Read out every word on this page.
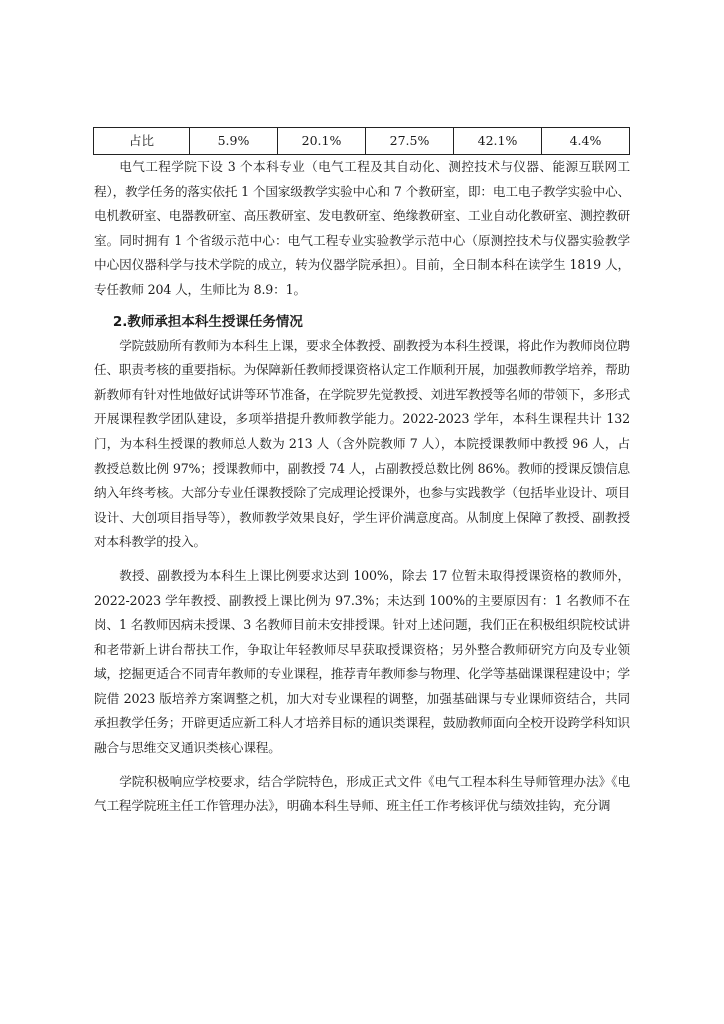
占比	5.9%	20.1%	27.5%	42.1%	4.4%

电气工程学院下设 3 个本科专业（电气工程及其自动化、测控技术与仪器、能源互联网工程），教学任务的落实依托 1 个国家级教学实验中心和 7 个教研室，即：电工电子教学实验中心、电机教研室、电器教研室、高压教研室、发电教研室、绝缘教研室、工业自动化教研室、测控教研室。同时拥有 1 个省级示范中心：电气工程专业实验教学示范中心（原测控技术与仪器实验教学中心因仪器科学与技术学院的成立，转为仪器学院承担）。目前，全日制本科在读学生 1819 人，专任教师 204 人，生师比为 8.9：1。

2.教师承担本科生授课任务情况

学院鼓励所有教师为本科生上课，要求全体教授、副教授为本科生授课，将此作为教师岗位聘任、职责考核的重要指标。为保障新任教师授课资格认定工作顺利开展，加强教师教学培养，帮助新教师有针对性地做好试讲等环节准备，在学院罗先觉教授、刘进军教授等名师的带领下，多形式开展课程教学团队建设，多项举措提升教师教学能力。2022-2023 学年，本科生课程共计 132 门，为本科生授课的教师总人数为 213 人（含外院教师 7 人），本院授课教师中教授 96 人，占教授总数比例 97%；授课教师中，副教授 74 人，占副教授总数比例 86%。教师的授课反馈信息纳入年终考核。大部分专业任课教授除了完成理论授课外，也参与实践教学（包括毕业设计、项目设计、大创项目指导等），教师教学效果良好，学生评价满意度高。从制度上保障了教授、副教授对本科教学的投入。

教授、副教授为本科生上课比例要求达到 100%，除去 17 位暂未取得授课资格的教师外，2022-2023 学年教授、副教授上课比例为 97.3%；未达到 100%的主要原因有：1 名教师不在岗、1 名教师因病未授课、3 名教师目前未安排授课。针对上述问题，我们正在积极组织院校试讲和老带新上讲台帮扶工作，争取让年轻教师尽早获取授课资格；另外整合教师研究方向及专业领域，挖掘更适合不同青年教师的专业课程，推荐青年教师参与物理、化学等基础课课程建设中；学院借 2023 版培养方案调整之机，加大对专业课程的调整，加强基础课与专业课师资结合，共同承担教学任务；开辟更适应新工科人才培养目标的通识类课程，鼓励教师面向全校开设跨学科知识融合与思维交叉通识类核心课程。

学院积极响应学校要求，结合学院特色，形成正式文件《电气工程本科生导师管理办法》《电气工程学院班主任工作管理办法》，明确本科生导师、班主任工作考核评优与绩效挂钩，充分调
